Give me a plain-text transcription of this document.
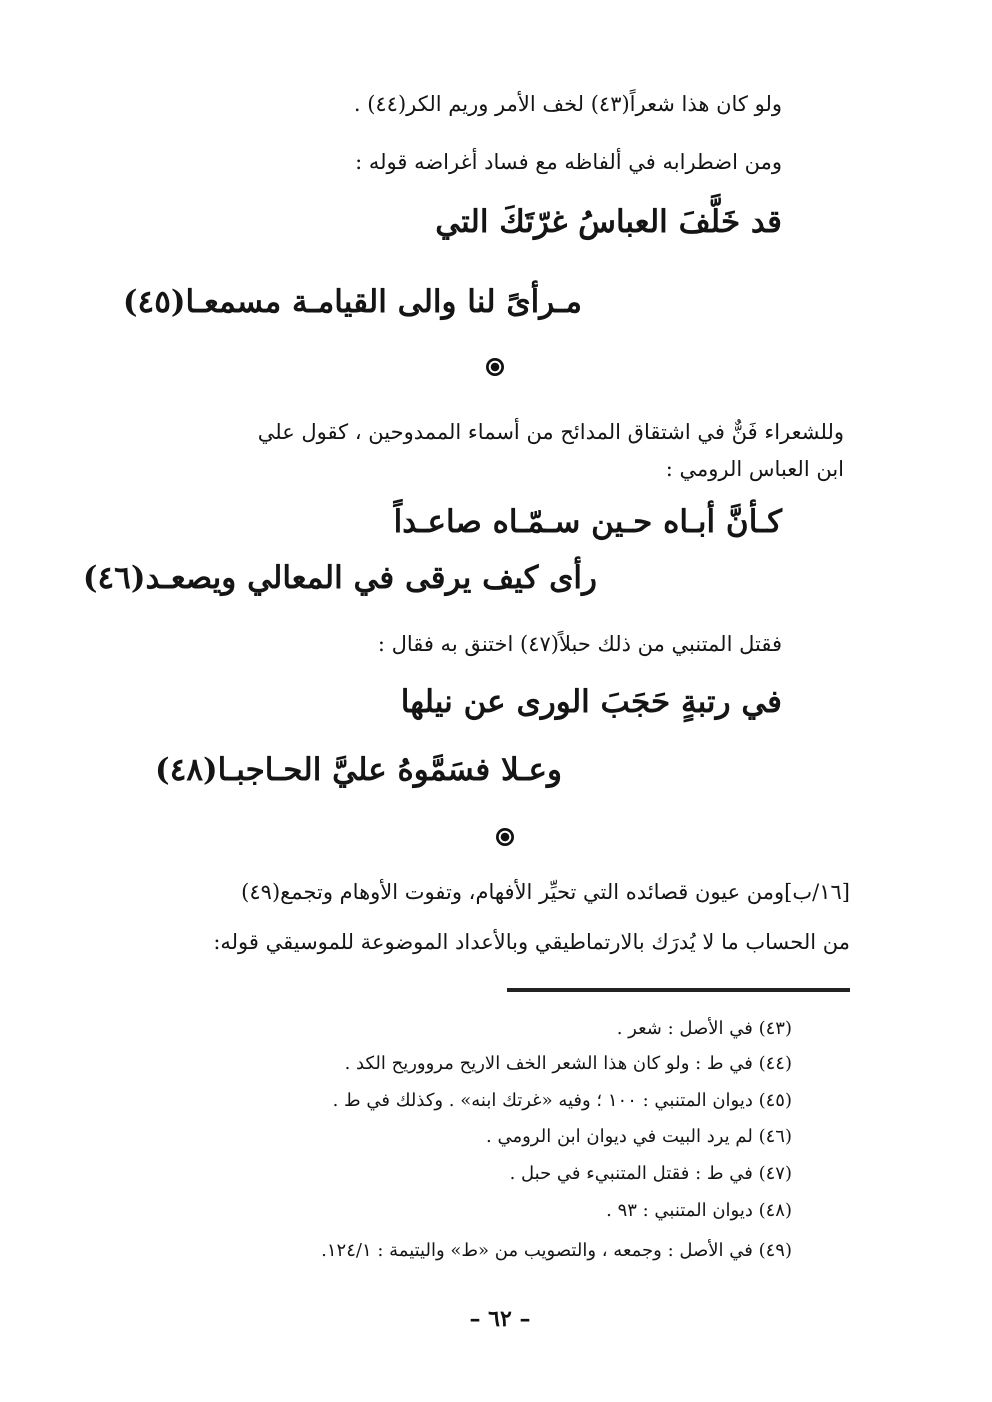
ولو كان هذا شعراً(٤٣) لخف الأمر وريم الكر(٤٤) .
ومن اضطرابه في ألفاظه مع فساد أغراضه قوله :
قد خَلَّفَ العباسُ غرّتَكَ التي
مـرأىً لنا والى القيامـة مسمعـا(٤٥)
وللشعراء فَنٌّ في اشتقاق المدائح من أسماء الممدوحين ، كقول علي
ابن العباس الرومي :
كـأنَّ أبـاه حـين سـمّـاه صاعـداً
رأى كيف يرقى في المعالي ويصعـد(٤٦)
فقتل المتنبي من ذلك حبلاً(٤٧) اختنق به فقال :
في رتبةٍ حَجَبَ الورى عن نيلها
وعـلا فسَمَّوهُ عليَّ الحـاجبـا(٤٨)
[١٦/ب]ومن عيون قصائده التي تحيِّر الأفهام، وتفوت الأوهام وتجمع(٤٩)
من الحساب ما لا يُدرَك بالارتماطيقي وبالأعداد الموضوعة للموسيقي قوله:
(٤٣) في الأصل : شعر .
(٤٤) في ط : ولو كان هذا الشعر الخف الاريح مرووريح الكد .
(٤٥) ديوان المتنبي : ١٠٠ ؛ وفيه «غرتك ابنه» . وكذلك في ط .
(٤٦) لم يرد البيت في ديوان ابن الرومي .
(٤٧) في ط : فقتل المتنبيء في حبل .
(٤٨) ديوان المتنبي : ٩٣ .
(٤٩) في الأصل : وجمعه ، والتصويب من «ط» واليتيمة : ١٢٤/١.
– ٦٢ –
